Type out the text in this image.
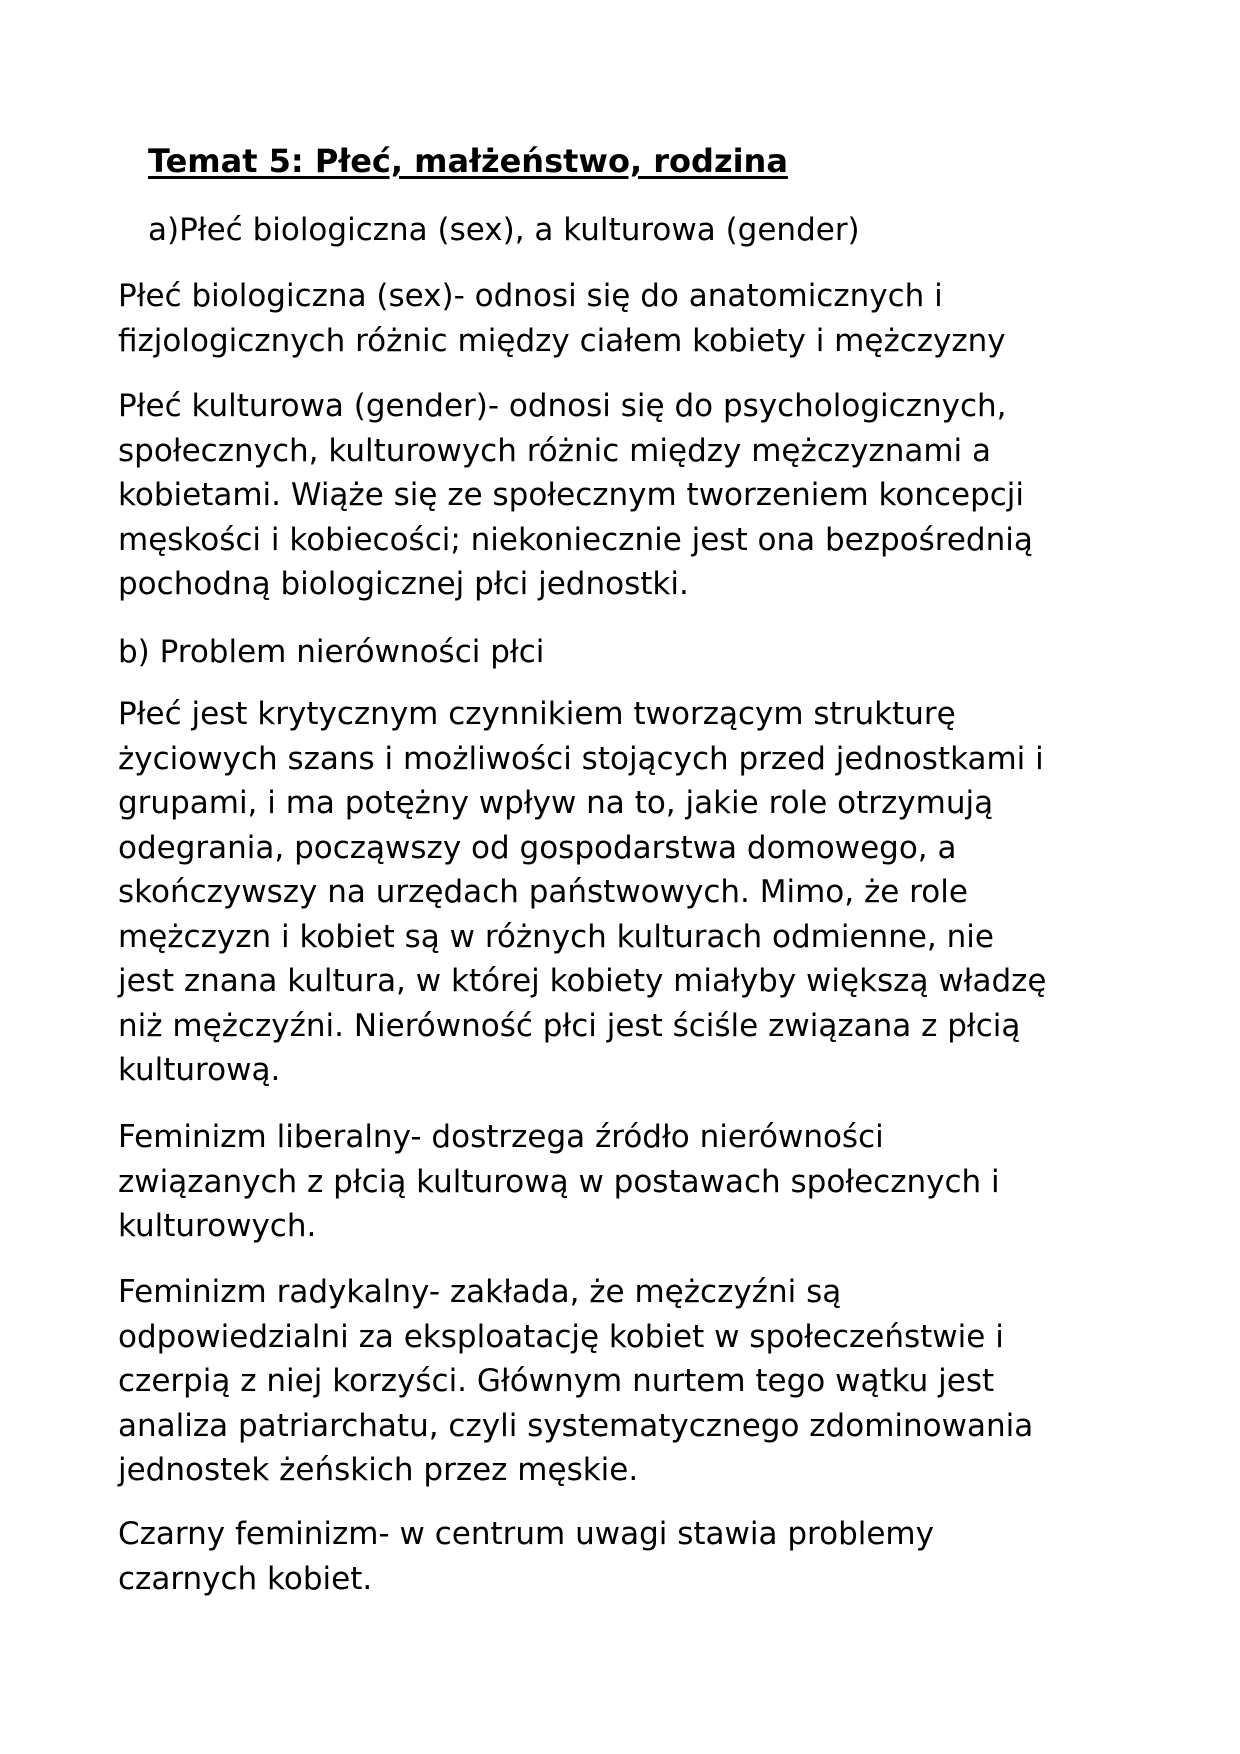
Temat 5: Płeć, małżeństwo, rodzina

a)Płeć biologiczna (sex), a kulturowa (gender)

Płeć biologiczna (sex)- odnosi się do anatomicznych i
fizjologicznych różnic między ciałem kobiety i mężczyzny
Płeć kulturowa (gender)- odnosi się do psychologicznych,
społecznych, kulturowych różnic między mężczyznami a
kobietami. Wiąże się ze społecznym tworzeniem koncepcji
męskości i kobiecości; niekoniecznie jest ona bezpośrednią
pochodną biologicznej płci jednostki.

b) Problem nierówności płci

Płeć jest krytycznym czynnikiem tworzącym strukturę
życiowych szans i możliwości stojących przed jednostkami i
grupami, i ma potężny wpływ na to, jakie role otrzymują
odegrania, począwszy od gospodarstwa domowego, a
skończywszy na urzędach państwowych. Mimo, że role
mężczyzn i kobiet są w różnych kulturach odmienne, nie
jest znana kultura, w której kobiety miałyby większą władzę
niż mężczyźni. Nierówność płci jest ściśle związana z płcią
kulturową.
Feminizm liberalny- dostrzega źródło nierówności
związanych z płcią kulturową w postawach społecznych i
kulturowych.
Feminizm radykalny- zakłada, że mężczyźni są
odpowiedzialni za eksploatację kobiet w społeczeństwie i
czerpią z niej korzyści. Głównym nurtem tego wątku jest
analiza patriarchatu, czyli systematycznego zdominowania
jednostek żeńskich przez męskie.
Czarny feminizm- w centrum uwagi stawia problemy
czarnych kobiet.
